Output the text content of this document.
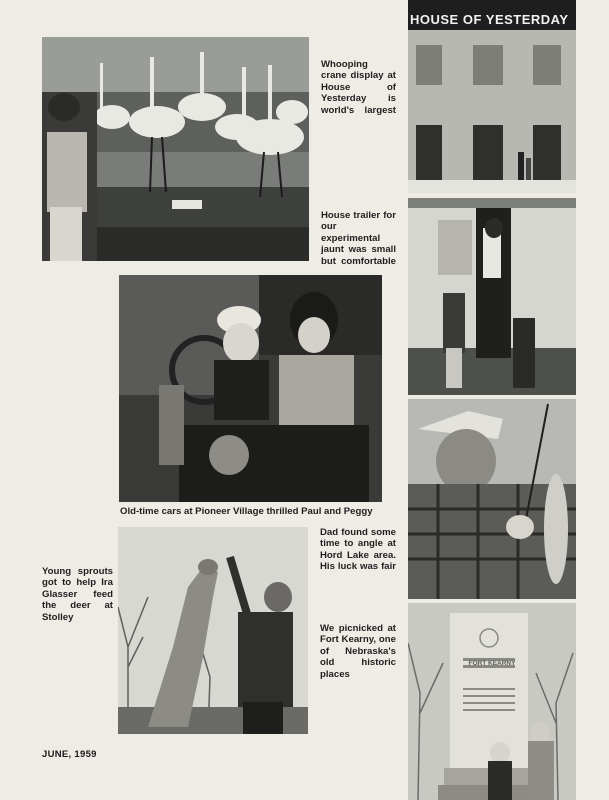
HOUSE OF YESTERDAY
Whooping crane display at House of Yesterday is world's largest
House trailer for our experimental jaunt was small but comfortable
Old-time cars at Pioneer Village thrilled Paul and Peggy
Dad found some time to angle at Hord Lake area. His luck was fair
Young sprouts got to help Ira Glasser feed the deer at Stolley
We picnicked at Fort Kearny, one of Nebraska's old historic places
FORT KEARNY
JUNE, 1959
